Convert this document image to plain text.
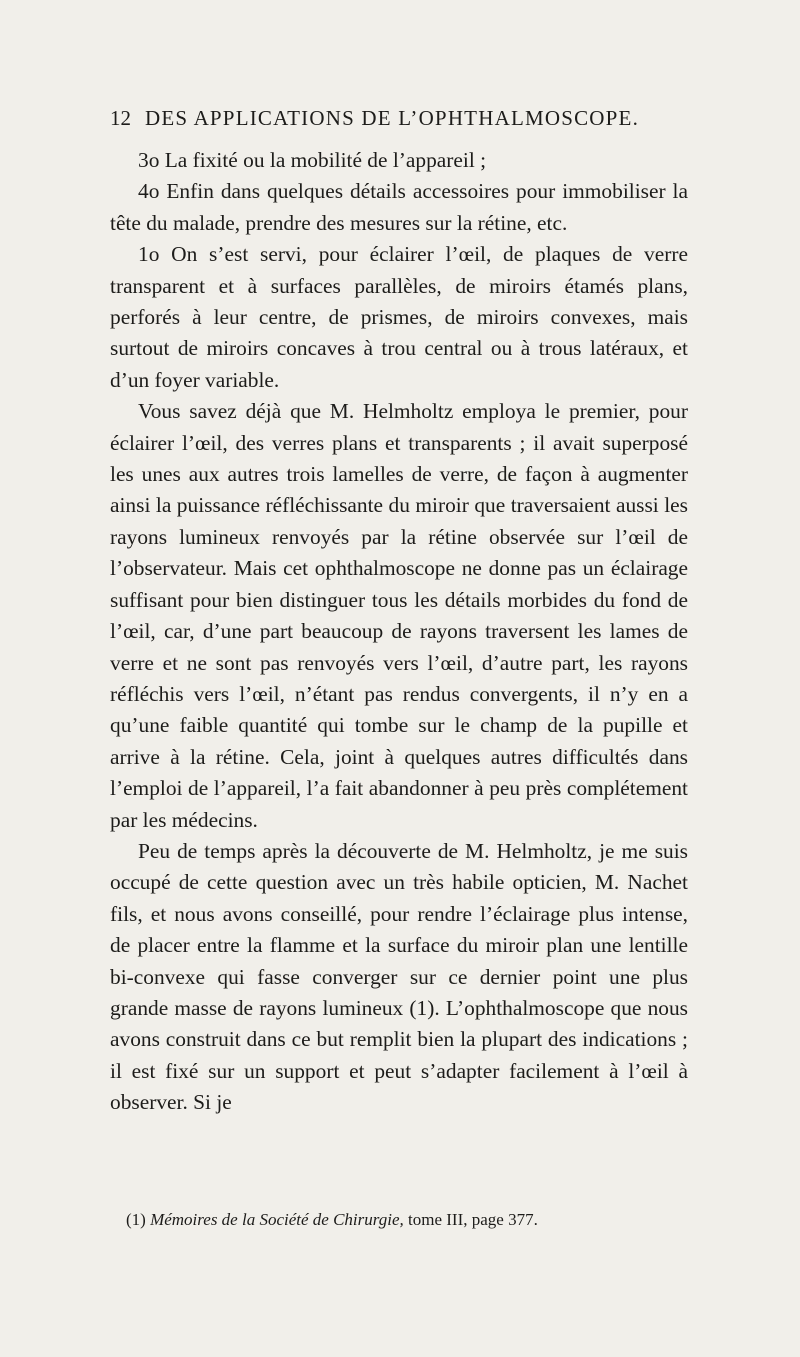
12 DES APPLICATIONS DE L’OPHTHALMOSCOPE.

3o La fixité ou la mobilité de l’appareil ;

4o Enfin dans quelques détails accessoires pour immobiliser la tête du malade, prendre des mesures sur la rétine, etc.

1o On s’est servi, pour éclairer l’œil, de plaques de verre transparent et à surfaces parallèles, de miroirs étamés plans, perforés à leur centre, de prismes, de miroirs convexes, mais surtout de miroirs concaves à trou central ou à trous latéraux, et d’un foyer variable.

Vous savez déjà que M. Helmholtz employa le premier, pour éclairer l’œil, des verres plans et transparents ; il avait superposé les unes aux autres trois lamelles de verre, de façon à augmenter ainsi la puissance réfléchissante du miroir que traversaient aussi les rayons lumineux renvoyés par la rétine observée sur l’œil de l’observateur. Mais cet ophthalmoscope ne donne pas un éclairage suffisant pour bien distinguer tous les détails morbides du fond de l’œil, car, d’une part beaucoup de rayons traversent les lames de verre et ne sont pas renvoyés vers l’œil, d’autre part, les rayons réfléchis vers l’œil, n’étant pas rendus convergents, il n’y en a qu’une faible quantité qui tombe sur le champ de la pupille et arrive à la rétine. Cela, joint à quelques autres difficultés dans l’emploi de l’appareil, l’a fait abandonner à peu près complétement par les médecins.

Peu de temps après la découverte de M. Helmholtz, je me suis occupé de cette question avec un très habile opticien, M. Nachet fils, et nous avons conseillé, pour rendre l’éclairage plus intense, de placer entre la flamme et la surface du miroir plan une lentille bi-convexe qui fasse converger sur ce dernier point une plus grande masse de rayons lumineux (1). L’ophthalmoscope que nous avons construit dans ce but remplit bien la plupart des indications ; il est fixé sur un support et peut s’adapter facilement à l’œil à observer. Si je

(1) Mémoires de la Société de Chirurgie, tome III, page 377.
